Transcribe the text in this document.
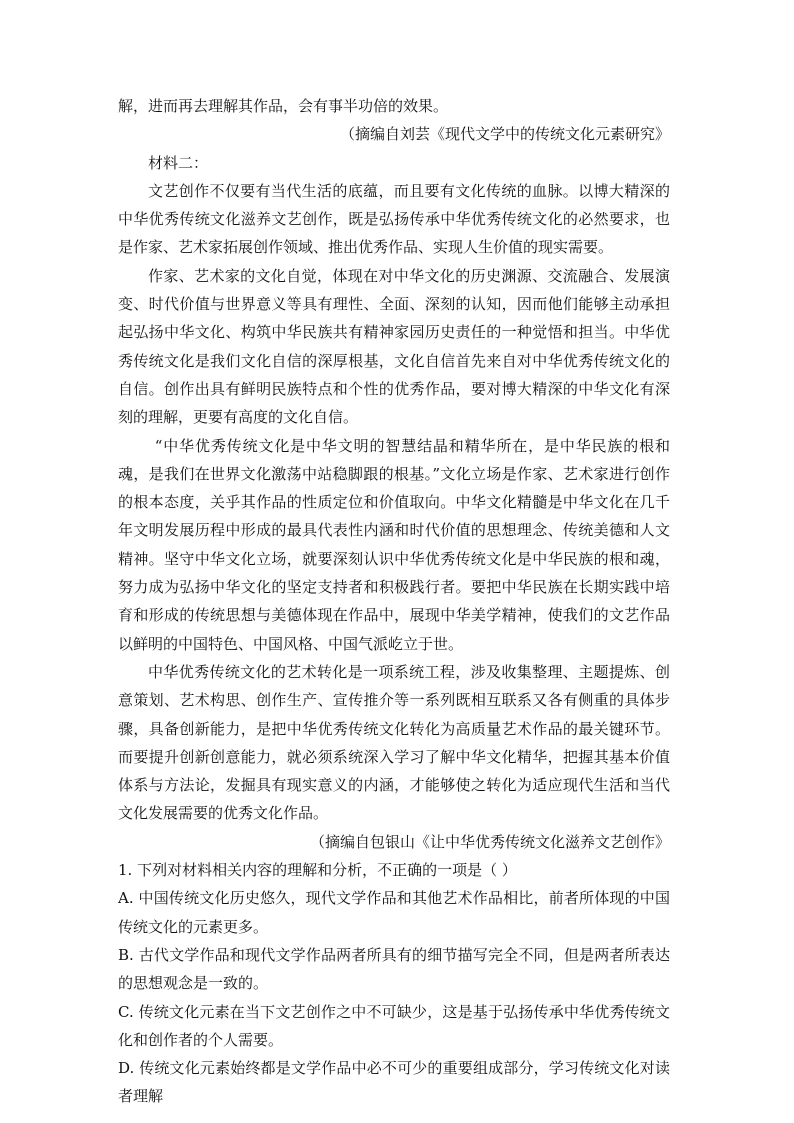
解，进而再去理解其作品，会有事半功倍的效果。

（摘编自刘芸《现代文学中的传统文化元素研究》

材料二：

文艺创作不仅要有当代生活的底蕴，而且要有文化传统的血脉。以博大精深的中华优秀传统文化滋养文艺创作，既是弘扬传承中华优秀传统文化的必然要求，也是作家、艺术家拓展创作领域、推出优秀作品、实现人生价值的现实需要。

作家、艺术家的文化自觉，体现在对中华文化的历史渊源、交流融合、发展演变、时代价值与世界意义等具有理性、全面、深刻的认知，因而他们能够主动承担起弘扬中华文化、构筑中华民族共有精神家园历史责任的一种觉悟和担当。中华优秀传统文化是我们文化自信的深厚根基，文化自信首先来自对中华优秀传统文化的自信。创作出具有鲜明民族特点和个性的优秀作品，要对博大精深的中华文化有深刻的理解，更要有高度的文化自信。

“中华优秀传统文化是中华文明的智慧结晶和精华所在，是中华民族的根和魂，是我们在世界文化激荡中站稳脚跟的根基。”文化立场是作家、艺术家进行创作的根本态度，关乎其作品的性质定位和价值取向。中华文化精髓是中华文化在几千年文明发展历程中形成的最具代表性内涵和时代价值的思想理念、传统美德和人文精神。坚守中华文化立场，就要深刻认识中华优秀传统文化是中华民族的根和魂，努力成为弘扬中华文化的坚定支持者和积极践行者。要把中华民族在长期实践中培育和形成的传统思想与美德体现在作品中，展现中华美学精神，使我们的文艺作品以鲜明的中国特色、中国风格、中国气派屹立于世。

中华优秀传统文化的艺术转化是一项系统工程，涉及收集整理、主题提炼、创意策划、艺术构思、创作生产、宣传推介等一系列既相互联系又各有侧重的具体步骤，具备创新能力，是把中华优秀传统文化转化为高质量艺术作品的最关键环节。而要提升创新创意能力，就必须系统深入学习了解中华文化精华，把握其基本价值体系与方法论，发掘具有现实意义的内涵，才能够使之转化为适应现代生活和当代文化发展需要的优秀文化作品。

（摘编自包银山《让中华优秀传统文化滋养文艺创作》

1. 下列对材料相关内容的理解和分析，不正确的一项是（ ）

A. 中国传统文化历史悠久，现代文学作品和其他艺术作品相比，前者所体现的中国传统文化的元素更多。

B. 古代文学作品和现代文学作品两者所具有的细节描写完全不同，但是两者所表达的思想观念是一致的。

C. 传统文化元素在当下文艺创作之中不可缺少，这是基于弘扬传承中华优秀传统文化和创作者的个人需要。

D. 传统文化元素始终都是文学作品中必不可少的重要组成部分，学习传统文化对读者理解
